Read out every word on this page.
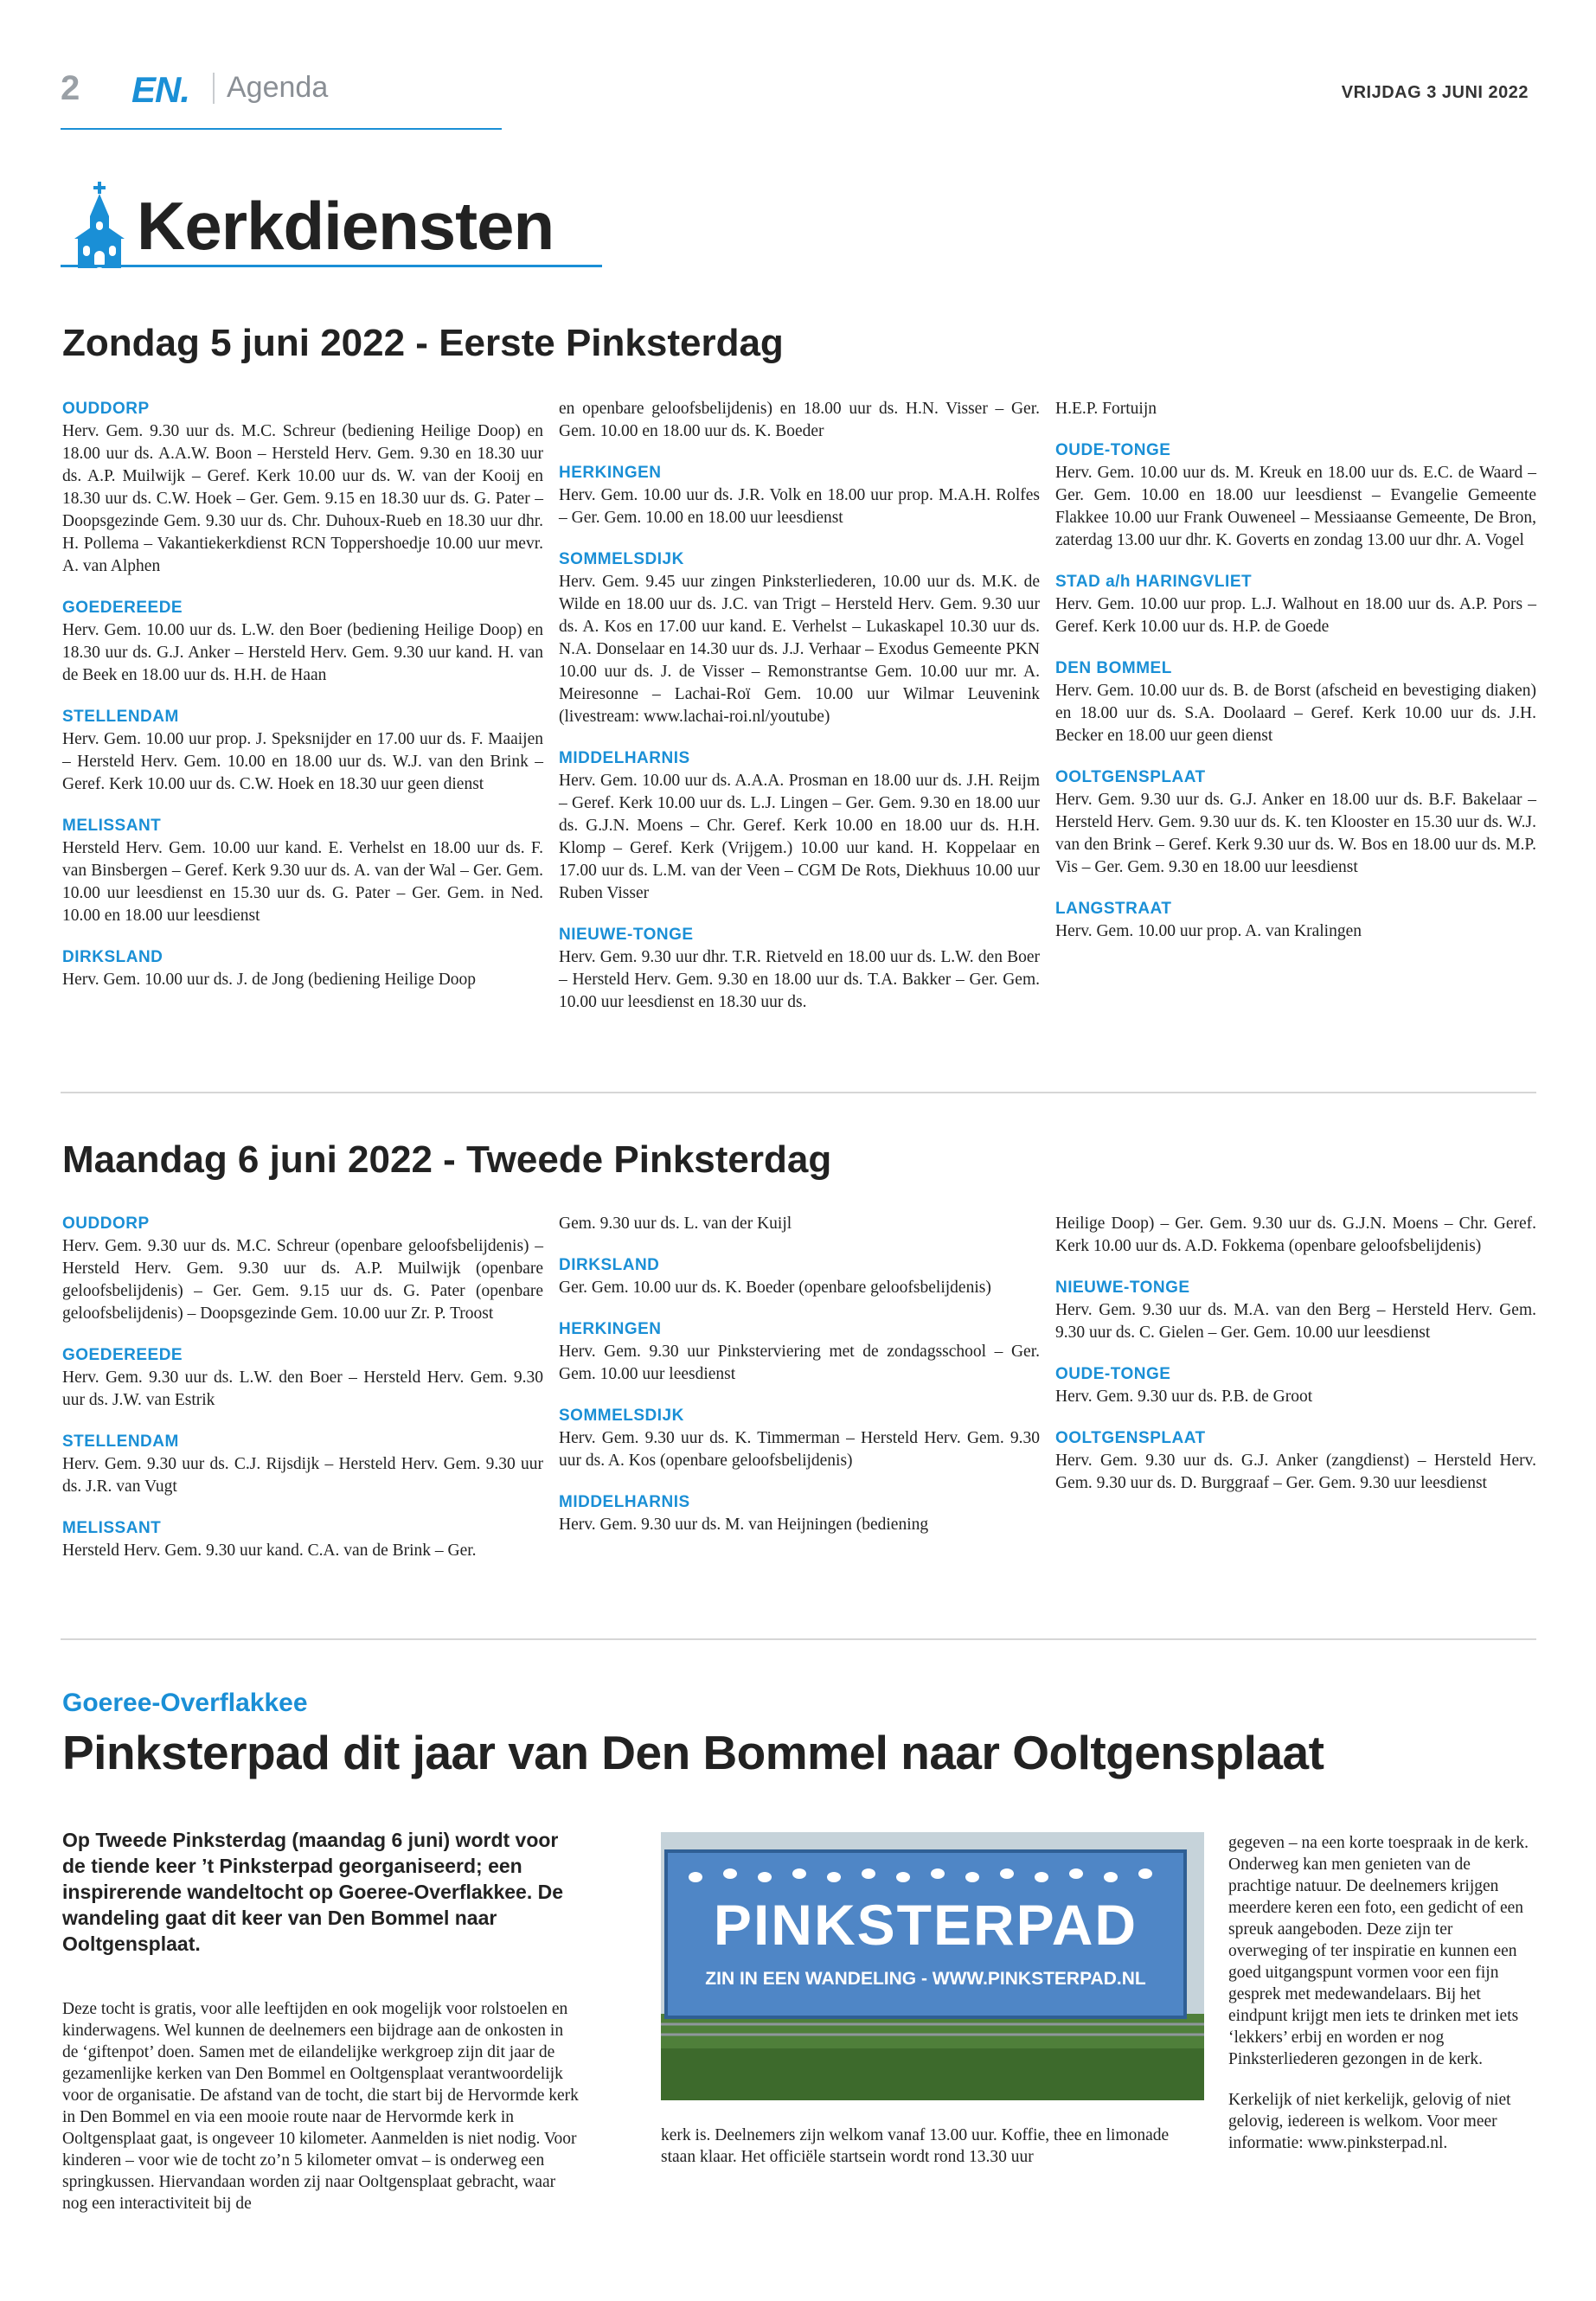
2 EN. Agenda	VRIJDAG 3 JUNI 2022
Kerkdiensten
Zondag 5 juni 2022 - Eerste Pinksterdag
OUDDORP
Herv. Gem. 9.30 uur ds. M.C. Schreur (bediening Heilige Doop) en 18.00 uur ds. A.A.W. Boon – Hersteld Herv. Gem. 9.30 en 18.30 uur ds. A.P. Muilwijk – Geref. Kerk 10.00 uur ds. W. van der Kooij en 18.30 uur ds. C.W. Hoek – Ger. Gem. 9.15 en 18.30 uur ds. G. Pater – Doopsgezinde Gem. 9.30 uur ds. Chr. Duhoux-Rueb en 18.30 uur dhr. H. Pollema – Vakantiekerkdienst RCN Toppershoedje 10.00 uur mevr. A. van Alphen
GOEDEREEDE
Herv. Gem. 10.00 uur ds. L.W. den Boer (bediening Heilige Doop) en 18.30 uur ds. G.J. Anker – Hersteld Herv. Gem. 9.30 uur kand. H. van de Beek en 18.00 uur ds. H.H. de Haan
STELLENDAM
Herv. Gem. 10.00 uur prop. J. Speksnijder en 17.00 uur ds. F. Maaijen – Hersteld Herv. Gem. 10.00 en 18.00 uur ds. W.J. van den Brink – Geref. Kerk 10.00 uur ds. C.W. Hoek en 18.30 uur geen dienst
MELISSANT
Hersteld Herv. Gem. 10.00 uur kand. E. Verhelst en 18.00 uur ds. F. van Binsbergen – Geref. Kerk 9.30 uur ds. A. van der Wal – Ger. Gem. 10.00 uur leesdienst en 15.30 uur ds. G. Pater – Ger. Gem. in Ned. 10.00 en 18.00 uur leesdienst
DIRKSLAND
Herv. Gem. 10.00 uur ds. J. de Jong (bediening Heilige Doop
en openbare geloofsbelijdenis) en 18.00 uur ds. H.N. Visser – Ger. Gem. 10.00 en 18.00 uur ds. K. Boeder
HERKINGEN
Herv. Gem. 10.00 uur ds. J.R. Volk en 18.00 uur prop. M.A.H. Rolfes – Ger. Gem. 10.00 en 18.00 uur leesdienst
SOMMELSDIJK
Herv. Gem. 9.45 uur zingen Pinksterliederen, 10.00 uur ds. M.K. de Wilde en 18.00 uur ds. J.C. van Trigt – Hersteld Herv. Gem. 9.30 uur ds. A. Kos en 17.00 uur kand. E. Verhelst – Lukaskapel 10.30 uur ds. N.A. Donselaar en 14.30 uur ds. J.J. Verhaar – Exodus Gemeente PKN 10.00 uur ds. J. de Visser – Remonstrantse Gem. 10.00 uur mr. A. Meiresonne – Lachai-Roï Gem. 10.00 uur Wilmar Leuvenink (livestream: www.lachai-roi.nl/youtube)
MIDDELHARNIS
Herv. Gem. 10.00 uur ds. A.A.A. Prosman en 18.00 uur ds. J.H. Reijm – Geref. Kerk 10.00 uur ds. L.J. Lingen – Ger. Gem. 9.30 en 18.00 uur ds. G.J.N. Moens – Chr. Geref. Kerk 10.00 en 18.00 uur ds. H.H. Klomp – Geref. Kerk (Vrijgem.) 10.00 uur kand. H. Koppelaar en 17.00 uur ds. L.M. van der Veen – CGM De Rots, Diekhuus 10.00 uur Ruben Visser
NIEUWE-TONGE
Herv. Gem. 9.30 uur dhr. T.R. Rietveld en 18.00 uur ds. L.W. den Boer – Hersteld Herv. Gem. 9.30 en 18.00 uur ds. T.A. Bakker – Ger. Gem. 10.00 uur leesdienst en 18.30 uur ds.
H.E.P. Fortuijn
OUDE-TONGE
Herv. Gem. 10.00 uur ds. M. Kreuk en 18.00 uur ds. E.C. de Waard – Ger. Gem. 10.00 en 18.00 uur leesdienst – Evangelie Gemeente Flakkee 10.00 uur Frank Ouweneel – Messiaanse Gemeente, De Bron, zaterdag 13.00 uur dhr. K. Goverts en zondag 13.00 uur dhr. A. Vogel
STAD a/h HARINGVLIET
Herv. Gem. 10.00 uur prop. L.J. Walhout en 18.00 uur ds. A.P. Pors – Geref. Kerk 10.00 uur ds. H.P. de Goede
DEN BOMMEL
Herv. Gem. 10.00 uur ds. B. de Borst (afscheid en bevestiging diaken) en 18.00 uur ds. S.A. Doolaard – Geref. Kerk 10.00 uur ds. J.H. Becker en 18.00 uur geen dienst
OOLTGENSPLAAT
Herv. Gem. 9.30 uur ds. G.J. Anker en 18.00 uur ds. B.F. Bakelaar – Hersteld Herv. Gem. 9.30 uur ds. K. ten Klooster en 15.30 uur ds. W.J. van den Brink – Geref. Kerk 9.30 uur ds. W. Bos en 18.00 uur ds. M.P. Vis – Ger. Gem. 9.30 en 18.00 uur leesdienst
LANGSTRAAT
Herv. Gem. 10.00 uur prop. A. van Kralingen
Maandag 6 juni 2022 - Tweede Pinksterdag
OUDDORP
Herv. Gem. 9.30 uur ds. M.C. Schreur (openbare geloofsbelijdenis) – Hersteld Herv. Gem. 9.30 uur ds. A.P. Muilwijk (openbare geloofsbelijdenis) – Ger. Gem. 9.15 uur ds. G. Pater (openbare geloofsbelijdenis) – Doopsgezinde Gem. 10.00 uur Zr. P. Troost
GOEDEREEDE
Herv. Gem. 9.30 uur ds. L.W. den Boer – Hersteld Herv. Gem. 9.30 uur ds. J.W. van Estrik
STELLENDAM
Herv. Gem. 9.30 uur ds. C.J. Rijsdijk – Hersteld Herv. Gem. 9.30 uur ds. J.R. van Vugt
MELISSANT
Hersteld Herv. Gem. 9.30 uur kand. C.A. van de Brink – Ger.
Gem. 9.30 uur ds. L. van der Kuijl
DIRKSLAND
Ger. Gem. 10.00 uur ds. K. Boeder (openbare geloofsbelijdenis)
HERKINGEN
Herv. Gem. 9.30 uur Pinksterviering met de zondagsschool – Ger. Gem. 10.00 uur leesdienst
SOMMELSDIJK
Herv. Gem. 9.30 uur ds. K. Timmerman – Hersteld Herv. Gem. 9.30 uur ds. A. Kos (openbare geloofsbelijdenis)
MIDDELHARNIS
Herv. Gem. 9.30 uur ds. M. van Heijningen (bediening
Heilige Doop) – Ger. Gem. 9.30 uur ds. G.J.N. Moens – Chr. Geref. Kerk 10.00 uur ds. A.D. Fokkema (openbare geloofsbelijdenis)
NIEUWE-TONGE
Herv. Gem. 9.30 uur ds. M.A. van den Berg – Hersteld Herv. Gem. 9.30 uur ds. C. Gielen – Ger. Gem. 10.00 uur leesdienst
OUDE-TONGE
Herv. Gem. 9.30 uur ds. P.B. de Groot
OOLTGENSPLAAT
Herv. Gem. 9.30 uur ds. G.J. Anker (zangdienst) – Hersteld Herv. Gem. 9.30 uur ds. D. Burggraaf – Ger. Gem. 9.30 uur leesdienst
Goeree-Overflakkee
Pinksterpad dit jaar van Den Bommel naar Ooltgensplaat
Op Tweede Pinksterdag (maandag 6 juni) wordt voor de tiende keer ’t Pinksterpad georganiseerd; een inspirerende wandeltocht op Goeree-Overflakkee. De wandeling gaat dit keer van Den Bommel naar Ooltgensplaat.
Deze tocht is gratis, voor alle leeftijden en ook mogelijk voor rolstoelen en kinderwagens. Wel kunnen de deelnemers een bijdrage aan de onkosten in de ‘giftenpot’ doen. Samen met de eilandelijke werkgroep zijn dit jaar de gezamenlijke kerken van Den Bommel en Ooltgensplaat verantwoordelijk voor de organisatie. De afstand van de tocht, die start bij de Hervormde kerk in Den Bommel en via een mooie route naar de Hervormde kerk in Ooltgensplaat gaat, is ongeveer 10 kilometer. Aanmelden is niet nodig. Voor kinderen – voor wie de tocht zo’n 5 kilometer omvat – is onderweg een springkussen. Hiervandaan worden zij naar Ooltgensplaat gebracht, waar nog een interactiviteit bij de
PINKSTERPAD
ZIN IN EEN WANDELING - WWW.PINKSTERPAD.NL
kerk is. Deelnemers zijn welkom vanaf 13.00 uur. Koffie, thee en limonade staan klaar. Het officiële startsein wordt rond 13.30 uur
gegeven – na een korte toespraak in de kerk. Onderweg kan men genieten van de prachtige natuur. De deelnemers krijgen meerdere keren een foto, een gedicht of een spreuk aangeboden. Deze zijn ter overweging of ter inspiratie en kunnen een goed uitgangspunt vormen voor een fijn gesprek met medewandelaars. Bij het eindpunt krijgt men iets te drinken met iets ‘lekkers’ erbij en worden er nog Pinksterliederen gezongen in de kerk.
Kerkelijk of niet kerkelijk, gelovig of niet gelovig, iedereen is welkom. Voor meer informatie: www.pinksterpad.nl.
